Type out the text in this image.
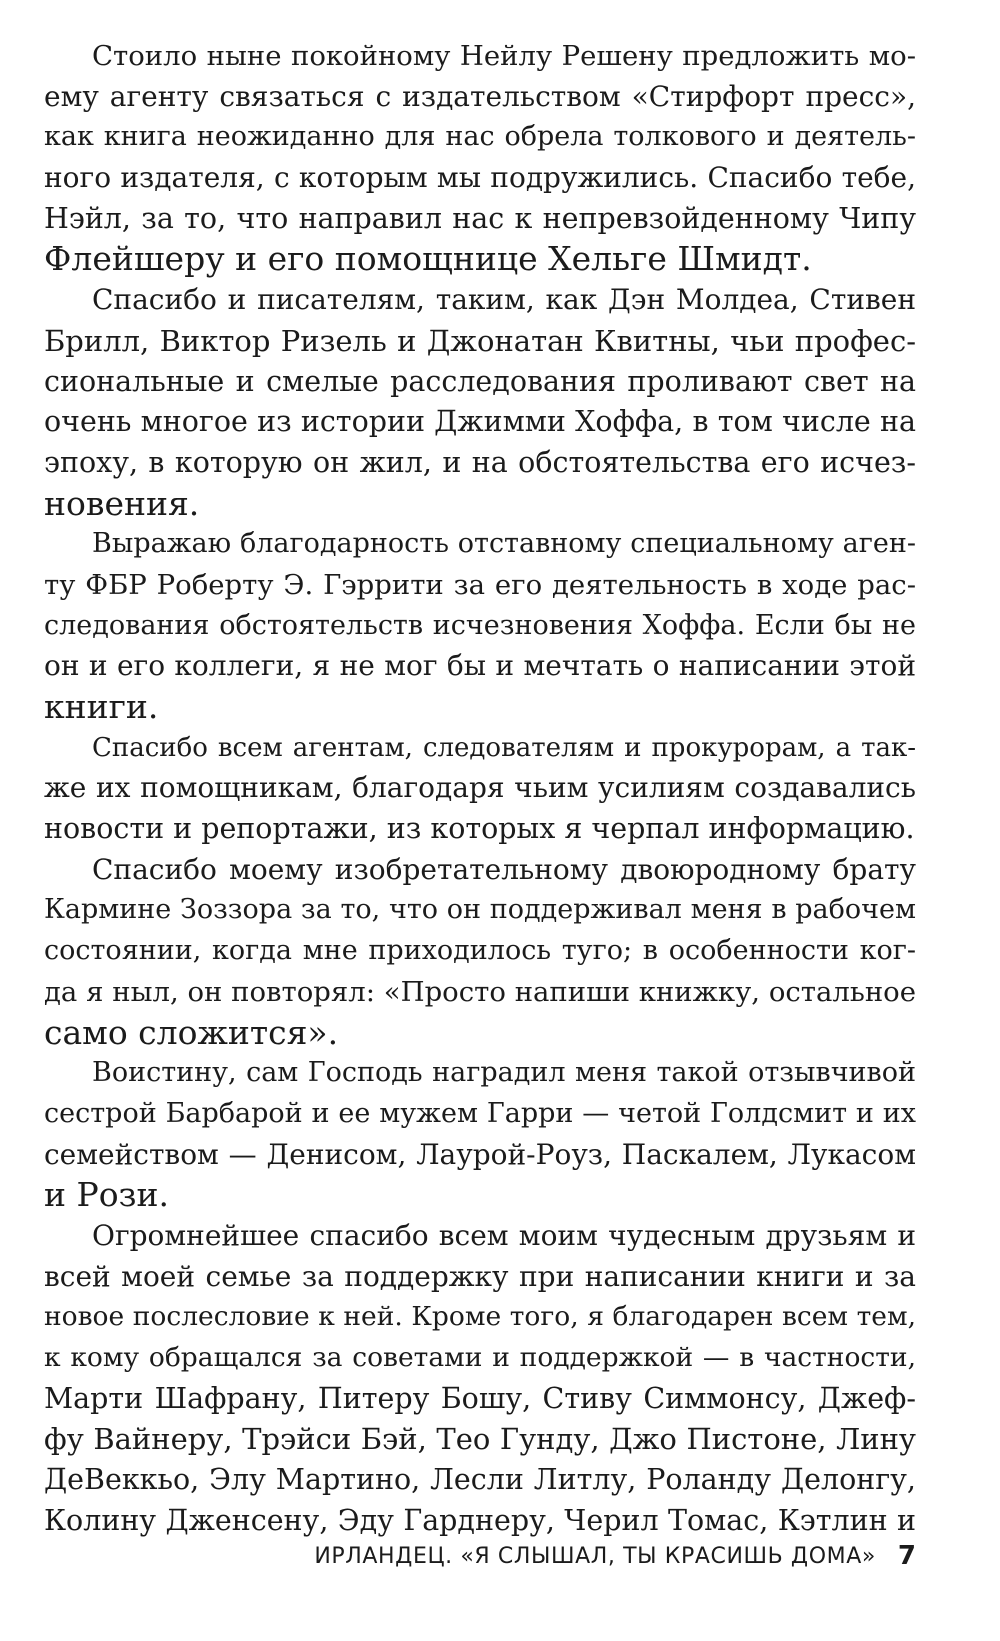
Стоило ныне покойному Нейлу Решену предложить мо-
ему агенту связаться с издательством «Стирфорт пресс»,
как книга неожиданно для нас обрела толкового и деятель-
ного издателя, с которым мы подружились. Спасибо тебе,
Нэйл, за то, что направил нас к непревзойденному Чипу
Флейшеру и его помощнице Хельге Шмидт.
Спасибо и писателям, таким, как Дэн Молдеа, Стивен
Брилл, Виктор Ризель и Джонатан Квитны, чьи профес-
сиональные и смелые расследования проливают свет на
очень многое из истории Джимми Хоффа, в том числе на
эпоху, в которую он жил, и на обстоятельства его исчез-
новения.
Выражаю благодарность отставному специальному аген-
ту ФБР Роберту Э. Гэррити за его деятельность в ходе рас-
следования обстоятельств исчезновения Хоффа. Если бы не
он и его коллеги, я не мог бы и мечтать о написании этой
книги.
Спасибо всем агентам, следователям и прокурорам, а так-
же их помощникам, благодаря чьим усилиям создавались
новости и репортажи, из которых я черпал информацию.
Спасибо моему изобретательному двоюродному брату
Кармине Зоззора за то, что он поддерживал меня в рабочем
состоянии, когда мне приходилось туго; в особенности ког-
да я ныл, он повторял: «Просто напиши книжку, остальное
само сложится».
Воистину, сам Господь наградил меня такой отзывчивой
сестрой Барбарой и ее мужем Гарри — четой Голдсмит и их
семейством — Денисом, Лаурой-Роуз, Паскалем, Лукасом
и Рози.
Огромнейшее спасибо всем моим чудесным друзьям и
всей моей семье за поддержку при написании книги и за
новое послесловие к ней. Кроме того, я благодарен всем тем,
к кому обращался за советами и поддержкой — в частности,
Марти Шафрану, Питеру Бошу, Стиву Симмонсу, Джеф-
фу Вайнеру, Трэйси Бэй, Тео Гунду, Джо Пистоне, Лину
ДеВеккьо, Элу Мартино, Лесли Литлу, Роланду Делонгу,
Колину Дженсену, Эду Гарднеру, Черил Томас, Кэтлин и
ИРЛАНДЕЦ. «Я СЛЫШАЛ, ТЫ КРАСИШЬ ДОМА» 7
